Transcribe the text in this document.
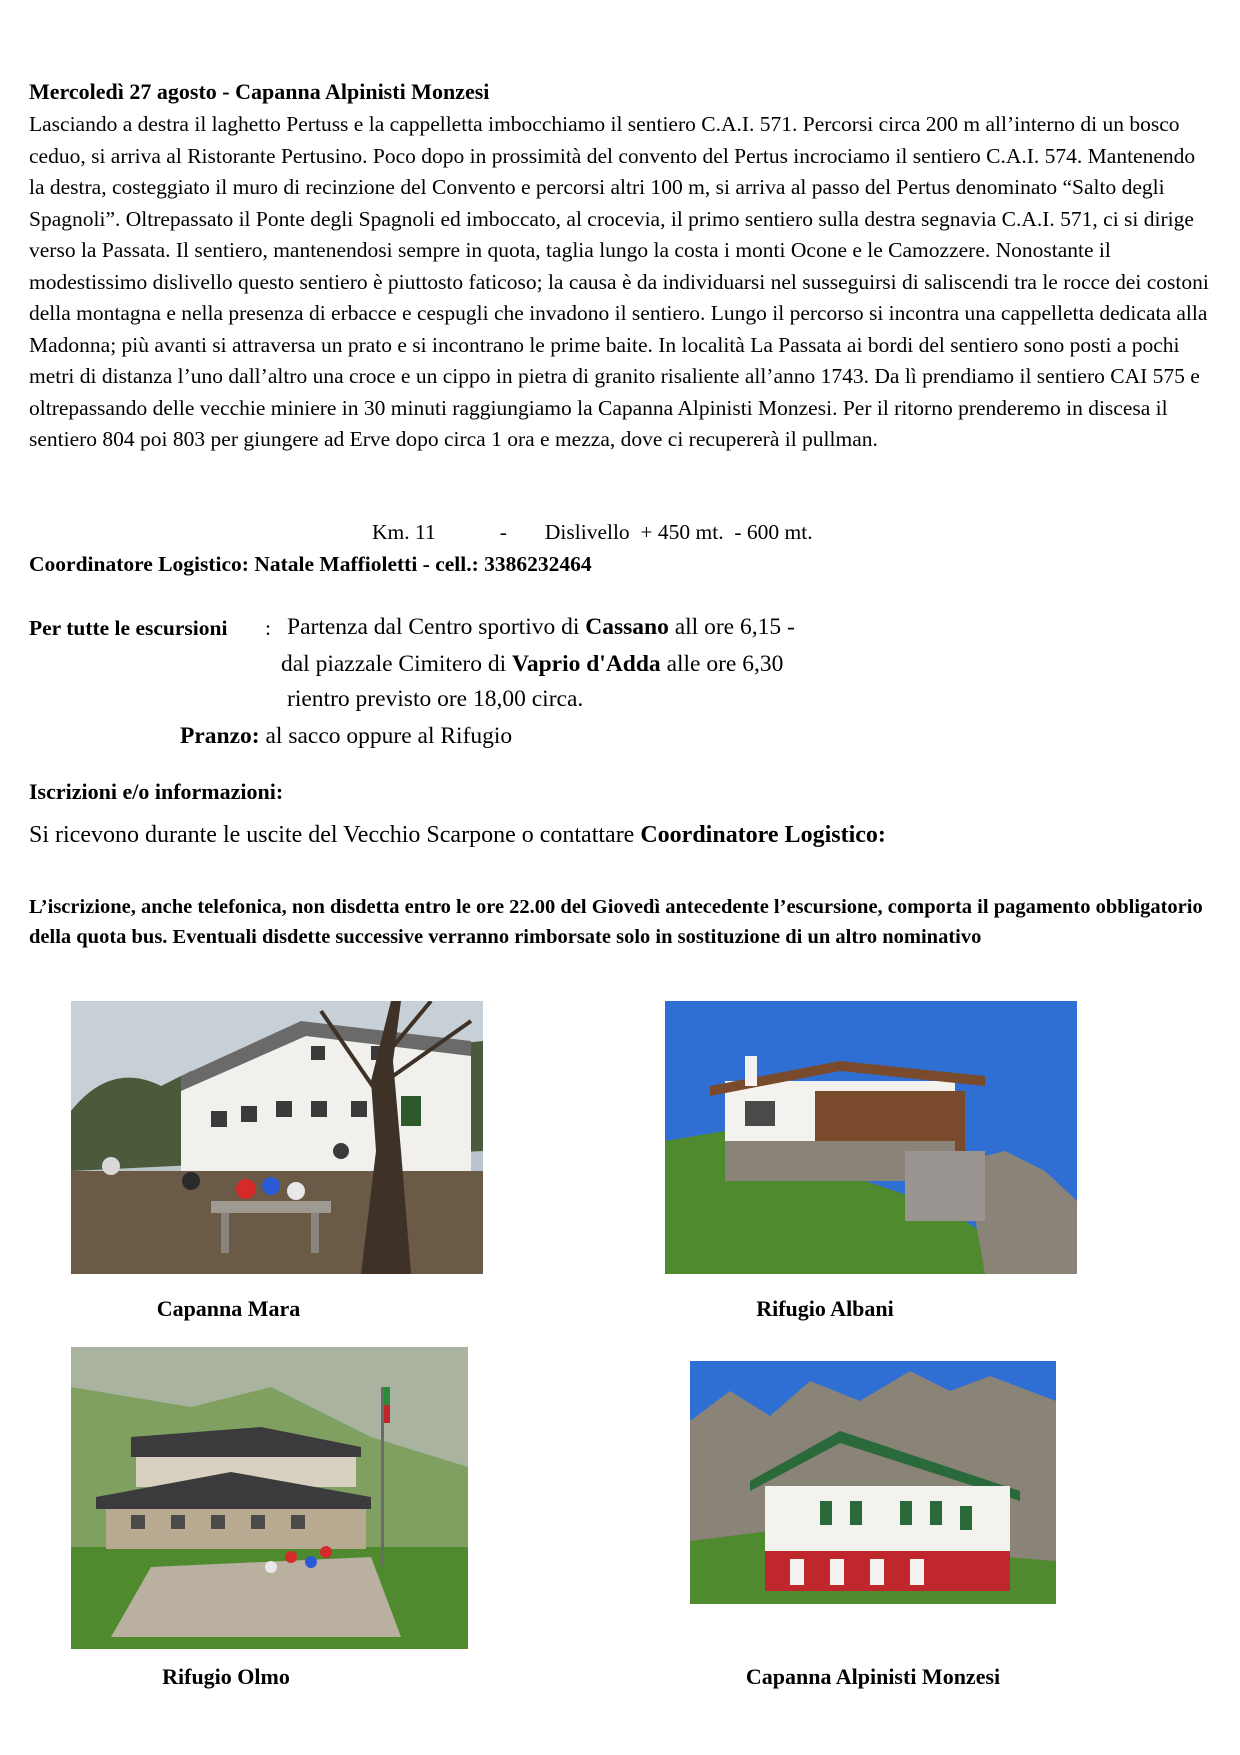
Mercoledì 27 agosto - Capanna Alpinisti Monzesi

Lasciando a destra il laghetto Pertuss e la cappelletta imbocchiamo il sentiero C.A.I. 571. Percorsi circa 200 m all’interno di un bosco ceduo, si arriva al Ristorante Pertusino. Poco dopo in prossimità del convento del Pertus incrociamo il sentiero C.A.I. 574. Mantenendo la destra, costeggiato il muro di recinzione del Convento e percorsi altri 100 m, si arriva al passo del Pertus denominato “Salto degli Spagnoli”. Oltrepassato il Ponte degli Spagnoli ed imboccato, al crocevia, il primo sentiero sulla destra segnavia C.A.I. 571, ci si dirige verso la Passata. Il sentiero, mantenendosi sempre in quota, taglia lungo la costa i monti Ocone e le Camozzere. Nonostante il modestissimo dislivello questo sentiero è piuttosto faticoso; la causa è da individuarsi nel susseguirsi di saliscendi tra le rocce dei costoni della montagna e nella presenza di erbacce e cespugli che invadono il sentiero. Lungo il percorso si incontra una cappelletta dedicata alla Madonna; più avanti si attraversa un prato e si incontrano le prime baite. In località La Passata ai bordi del sentiero sono posti a pochi metri di distanza l’uno dall’altro una croce e un cippo in pietra di granito risaliente all’anno 1743. Da lì prendiamo il sentiero CAI 575 e oltrepassando delle vecchie miniere in 30 minuti raggiungiamo la Capanna Alpinisti Monzesi. Per il ritorno prenderemo in discesa il sentiero 804 poi 803 per giungere ad Erve dopo circa 1 ora e mezza, dove ci recupererà il pullman.

Km. 11	- Dislivello  + 450 mt.  - 600 mt.
Coordinatore Logistico: Natale Maffioletti - cell.: 3386232464
Per tutte le escursioni : Partenza dal Centro sportivo di Cassano all ore 6,15 -
dal piazzale Cimitero di Vaprio d'Adda alle ore 6,30
rientro previsto ore 18,00 circa.
Pranzo: al sacco oppure al Rifugio
Iscrizioni e/o informazioni:
Si ricevono durante le uscite del Vecchio Scarpone o contattare Coordinatore Logistico:
L’iscrizione, anche telefonica, non disdetta entro le ore 22.00 del Giovedì antecedente l’escursione, comporta il pagamento obbligatorio della quota bus. Eventuali disdette successive verranno rimborsate solo in sostituzione di un altro nominativo
Capanna Mara	Rifugio Albani
Rifugio Olmo	Capanna Alpinisti Monzesi
